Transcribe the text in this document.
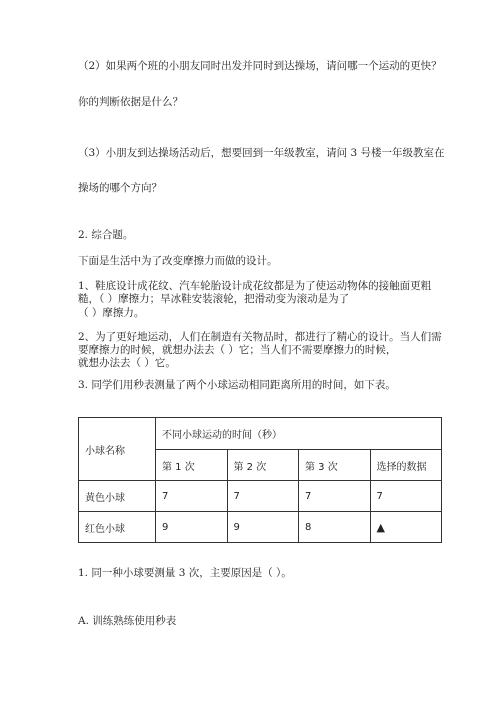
（2）如果两个班的小朋友同时出发并同时到达操场，请问哪一个运动的更快？
你的判断依据是什么？
（3）小朋友到达操场活动后，想要回到一年级教室，请问 3 号楼一年级教室在
操场的哪个方向？
2. 综合题。
下面是生活中为了改变摩擦力而做的设计。
1、鞋底设计成花纹、汽车轮胎设计成花纹都是为了使运动物体的接触面更粗
糙，（ ）摩擦力；旱冰鞋安装滚轮，把滑动变为滚动是为了
（ ）摩擦力。
2、为了更好地运动，人们在制造有关物品时，都进行了精心的设计。当人们需
要摩擦力的时候，就想办法去（ ）它；当人们不需要摩擦力的时候，
就想办法去（ ）它。
3. 同学们用秒表测量了两个小球运动相同距离所用的时间，如下表。
小球名称	不同小球运动的时间（秒）			
	第 1 次	第 2 次	第 3 次	选择的数据
黄色小球	7	7	7	7
红色小球	9	9	8	▲
1. 同一种小球要测量 3 次，主要原因是（ ）。
A. 训练熟练使用秒表
